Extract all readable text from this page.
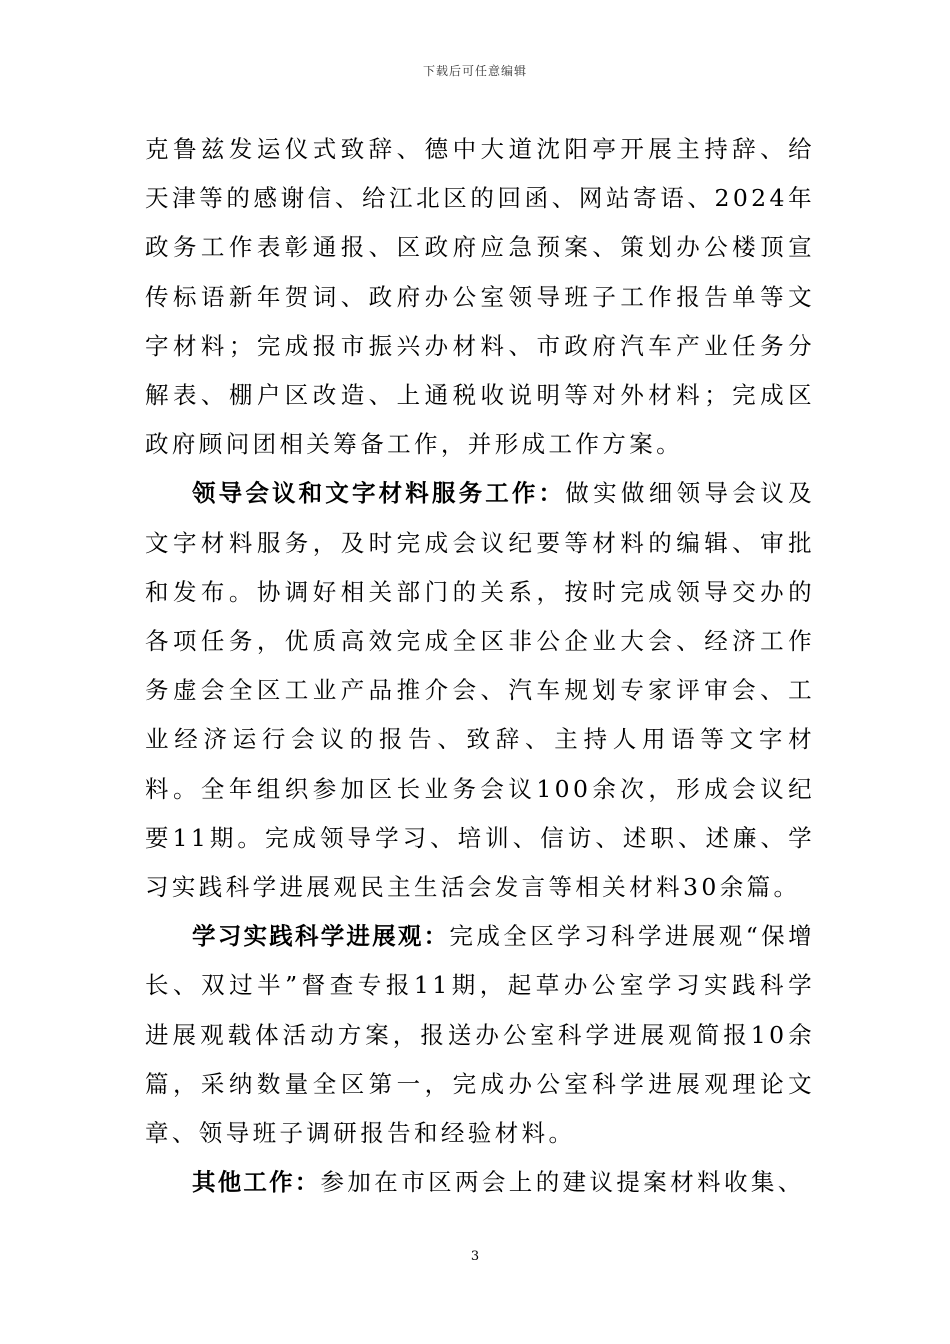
下载后可任意编辑

克鲁兹发运仪式致辞、德中大道沈阳亭开展主持辞、给天津等的感谢信、给江北区的回函、网站寄语、2024年政务工作表彰通报、区政府应急预案、策划办公楼顶宣传标语新年贺词、政府办公室领导班子工作报告单等文字材料；完成报市振兴办材料、市政府汽车产业任务分解表、棚户区改造、上通税收说明等对外材料；完成区政府顾问团相关筹备工作，并形成工作方案。

领导会议和文字材料服务工作：做实做细领导会议及文字材料服务，及时完成会议纪要等材料的编辑、审批和发布。协调好相关部门的关系，按时完成领导交办的各项任务，优质高效完成全区非公企业大会、经济工作务虚会全区工业产品推介会、汽车规划专家评审会、工业经济运行会议的报告、致辞、主持人用语等文字材料。全年组织参加区长业务会议100余次，形成会议纪要11期。完成领导学习、培训、信访、述职、述廉、学习实践科学进展观民主生活会发言等相关材料30余篇。

学习实践科学进展观：完成全区学习科学进展观“保增长、双过半”督查专报11期，起草办公室学习实践科学进展观载体活动方案，报送办公室科学进展观简报10余篇，采纳数量全区第一，完成办公室科学进展观理论文章、领导班子调研报告和经验材料。

其他工作：参加在市区两会上的建议提案材料收集、

3
